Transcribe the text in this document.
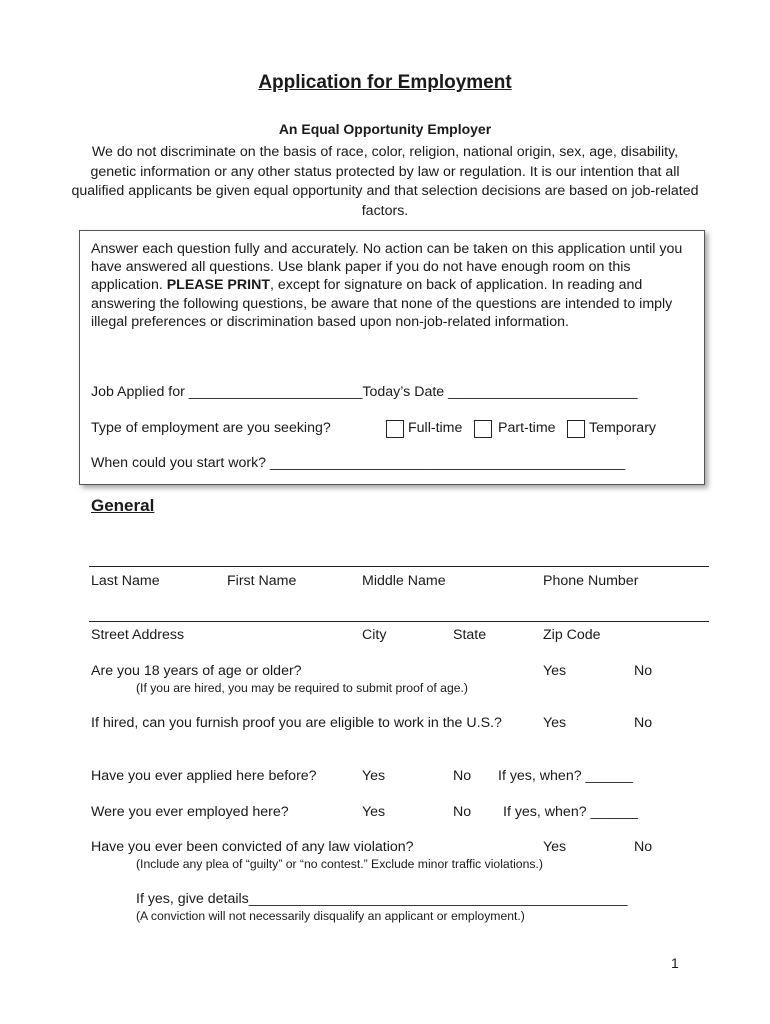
Application for Employment
An Equal Opportunity Employer
We do not discriminate on the basis of race, color, religion, national origin, sex, age, disability, genetic information or any other status protected by law or regulation. It is our intention that all qualified applicants be given equal opportunity and that selection decisions are based on job-related factors.
Answer each question fully and accurately. No action can be taken on this application until you have answered all questions. Use blank paper if you do not have enough room on this application. PLEASE PRINT, except for signature on back of application. In reading and answering the following questions, be aware that none of the questions are intended to imply illegal preferences or discrimination based upon non-job-related information.
Job Applied for ______________________Today’s Date ________________________
Type of employment are you seeking?	Full-time	Part-time Temporary
When could you start work? _____________________________________________
General
Last Name	First Name	Middle Name	Phone Number
Street Address	City	State	Zip Code
Are you 18 years of age or older?	Yes	No
(If you are hired, you may be required to submit proof of age.)
If hired, can you furnish proof you are eligible to work in the U.S.?	Yes	No
Have you ever applied here before?	Yes	No If yes, when? ______
Were you ever employed here?	Yes	No If yes, when? ______
Have you ever been convicted of any law violation?	Yes	No
(Include any plea of “guilty” or “no contest.” Exclude minor traffic violations.)
If yes, give details________________________________________________
(A conviction will not necessarily disqualify an applicant or employment.)
1
